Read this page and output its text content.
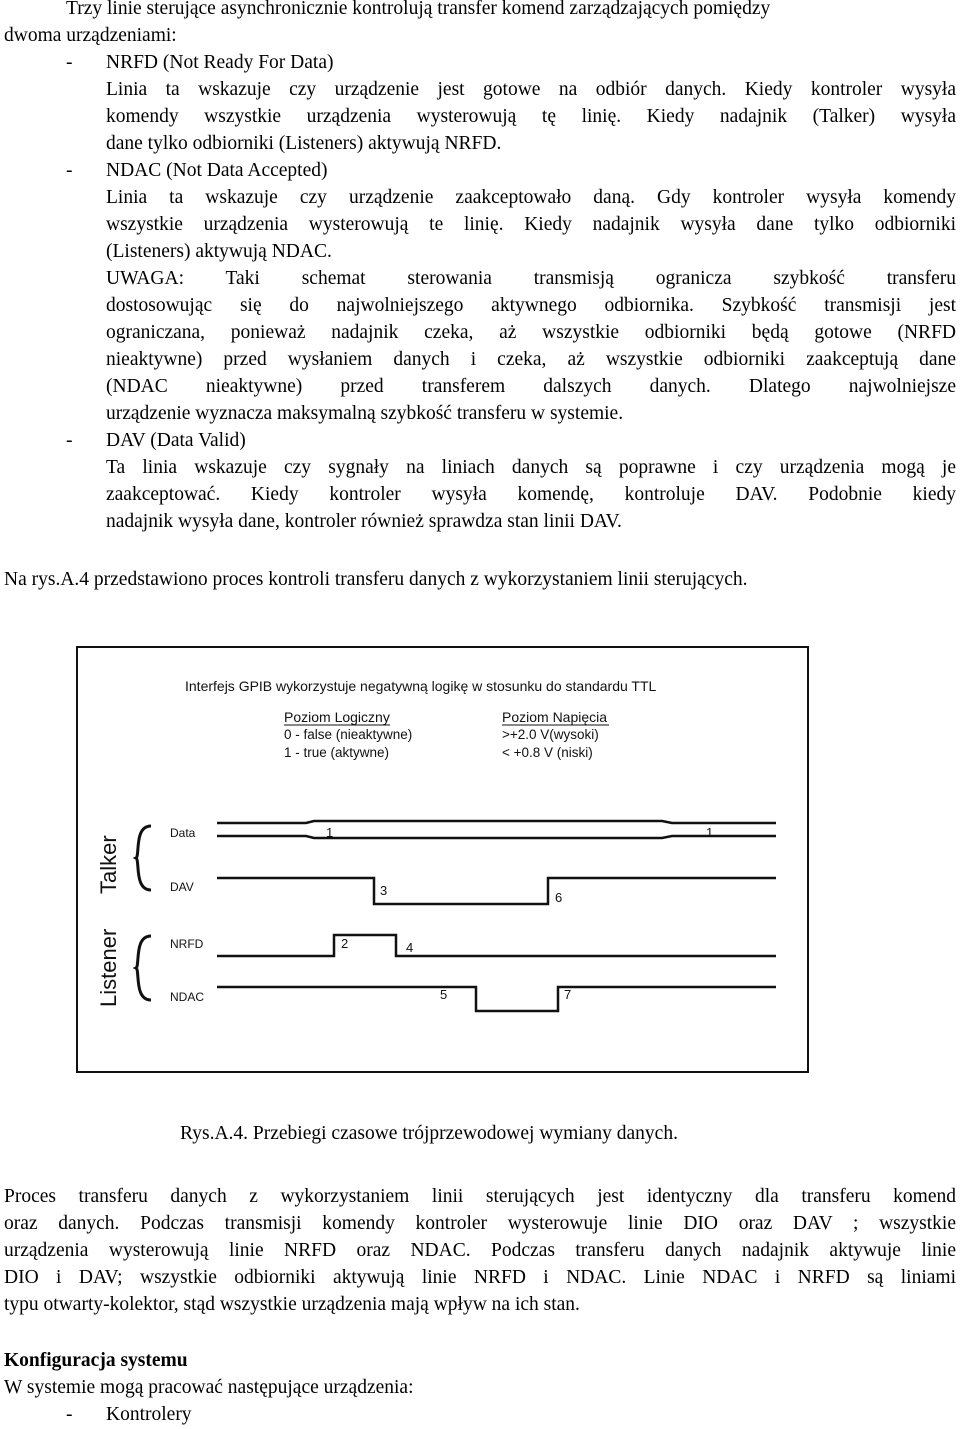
Trzy linie sterujące asynchronicznie kontrolują transfer komend zarządzających pomiędzy
dwoma urządzeniami:
- NRFD (Not Ready For Data)
Linia ta wskazuje czy urządzenie jest gotowe na odbiór danych. Kiedy kontroler wysyła
komendy wszystkie urządzenia wysterowują tę linię. Kiedy nadajnik (Talker) wysyła
dane tylko odbiorniki (Listeners) aktywują NRFD.
- NDAC (Not Data Accepted)
Linia ta wskazuje czy urządzenie zaakceptowało daną. Gdy kontroler wysyła komendy
wszystkie urządzenia wysterowują te linię. Kiedy nadajnik wysyła dane tylko odbiorniki
(Listeners) aktywują NDAC.
UWAGA: Taki schemat sterowania transmisją ogranicza szybkość transferu
dostosowując się do najwolniejszego aktywnego odbiornika. Szybkość transmisji jest
ograniczana, ponieważ nadajnik czeka, aż wszystkie odbiorniki będą gotowe (NRFD
nieaktywne) przed wysłaniem danych i czeka, aż wszystkie odbiorniki zaakceptują dane
(NDAC nieaktywne) przed transferem dalszych danych. Dlatego najwolniejsze
urządzenie wyznacza maksymalną szybkość transferu w systemie.
- DAV (Data Valid)
Ta linia wskazuje czy sygnały na liniach danych są poprawne i czy urządzenia mogą je
zaakceptować. Kiedy kontroler wysyła komendę, kontroluje DAV. Podobnie kiedy
nadajnik wysyła dane, kontroler również sprawdza stan linii DAV.
Na rys.A.4 przedstawiono proces kontroli transferu danych z wykorzystaniem linii sterujących.
Interfejs GPIB wykorzystuje negatywną logikę w stosunku do standardu TTL
Poziom Logiczny
0 - false (nieaktywne)
1 - true (aktywne)
Poziom Napięcia
>+2.0 V(wysoki)
< +0.8 V (niski)
Talker
Listener
Data
DAV
NRFD
NDAC
1	1
2
3
4
5
6
7
Rys.A.4. Przebiegi czasowe trójprzewodowej wymiany danych.
Proces transferu danych z wykorzystaniem linii sterujących jest identyczny dla transferu komend
oraz danych. Podczas transmisji komendy kontroler wysterowuje linie DIO oraz DAV ; wszystkie
urządzenia wysterowują linie NRFD oraz NDAC. Podczas transferu danych nadajnik aktywuje linie
DIO i DAV; wszystkie odbiorniki aktywują linie NRFD i NDAC. Linie NDAC i NRFD są liniami
typu otwarty-kolektor, stąd wszystkie urządzenia mają wpływ na ich stan.
Konfiguracja systemu
W systemie mogą pracować następujące urządzenia:
- Kontrolery
